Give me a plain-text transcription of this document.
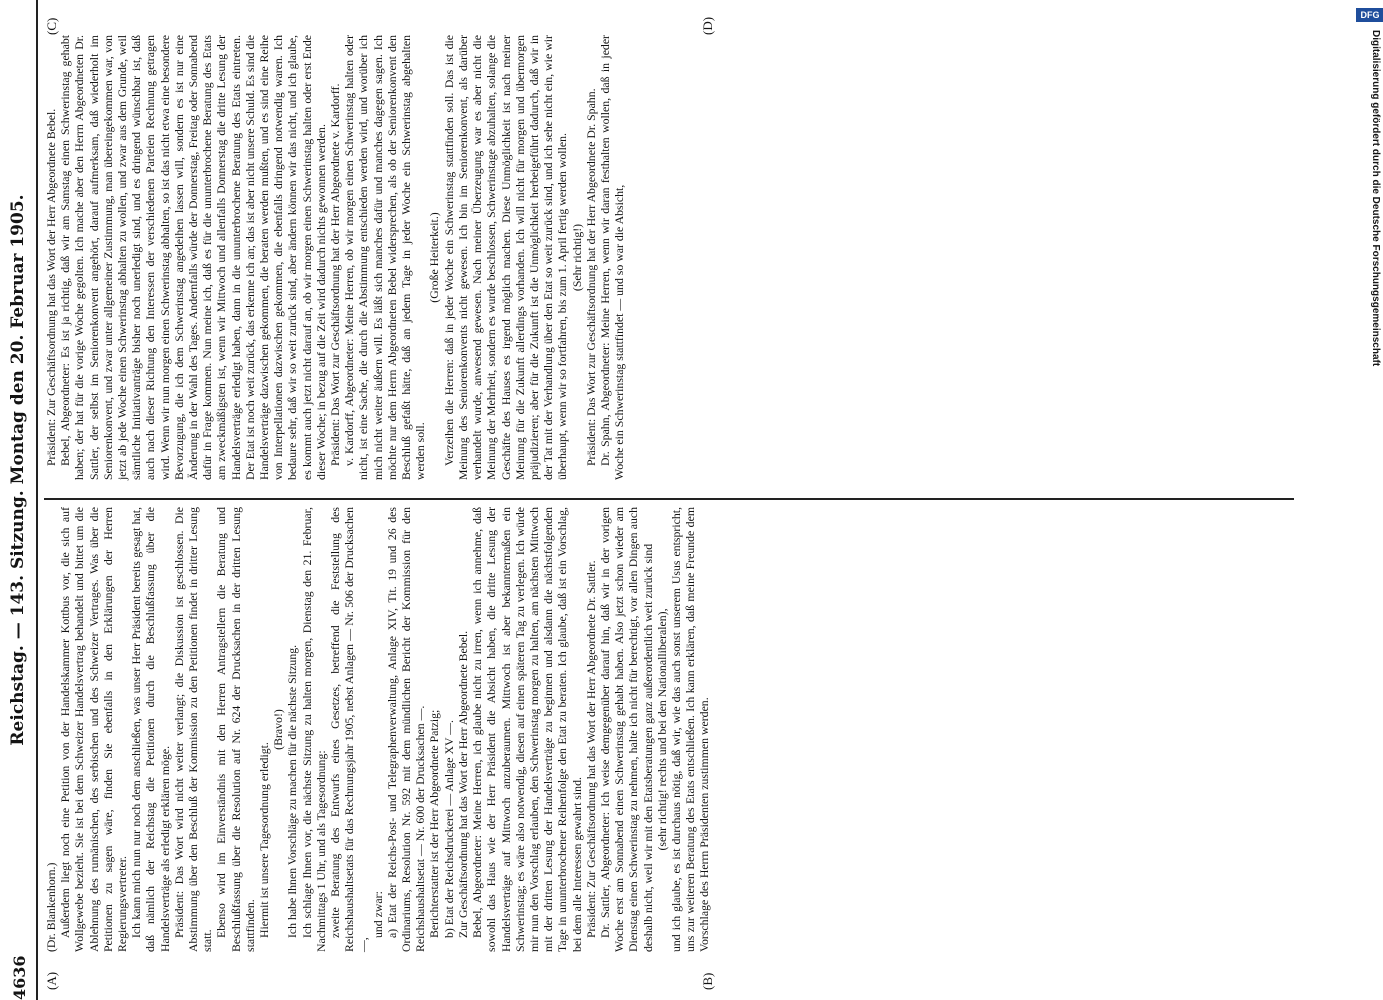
4636
Reichstag. — 143. Sitzung. Montag den 20. Februar 1905.
(A)	(B)
(C)	(D)

(Dr. Blankenhorn.) Außerdem liegt noch eine Petition von der Handelskammer Kottbus vor, die sich auf Wollgewebe bezieht. Sie ist bei dem Schweizer Handelsvertrag behandelt und bittet um die Ablehnung des rumänischen, des serbischen und des Schweizer Vertrages. Was über die Petitionen zu sagen wäre, finden Sie ebenfalls in den Erklärungen der Herren Regierungsvertreter. Ich kann mich nun nur noch dem anschließen, was unser Herr Präsident bereits gesagt hat, daß nämlich der Reichstag die Petitionen durch die Beschlußfassung über die Handelsverträge als erledigt erklären möge. Präsident: Das Wort wird nicht weiter verlangt; die Diskussion ist geschlossen. Die Abstimmung über den Beschluß der Kommission zu den Petitionen findet in dritter Lesung statt.

Ebenso wird im Einverständnis mit den Herren Antragstellern die Beratung und Beschlußfassung über die Resolution auf Nr. 624 der Drucksachen in der dritten Lesung stattfinden. Hiermit ist unsere Tagesordnung erledigt.

(Bravo!) Ich habe Ihnen Vorschläge zu machen für die nächste Sitzung. Ich schlage Ihnen vor, die nächste Sitzung zu halten morgen, Dienstag den 21. Februar, Nachmittags 1 Uhr, und als Tagesordnung: zweite Beratung des Entwurfs eines Gesetzes, betreffend die Feststellung des Reichshaushaltsetats für das Rechnungsjahr 1905, nebst Anlagen — Nr. 506 der Drucksachen —,

und zwar: a) Etat der Reichs-Post- und Telegraphenverwaltung, Anlage XIV, Tit. 19 und 26 des Ordinariums, Resolution Nr. 592 mit dem mündlichen Bericht der Kommission für den Reichshaushaltsetat — Nr. 600 der Drucksachen —. Berichterstatter ist der Herr Abgeordnete Patzig; b) Etat der Reichsdruckerei — Anlage XV —. Zur Geschäftsordnung hat das Wort der Herr Abgeordnete Bebel. Bebel, Abgeordneter: Meine Herren, ich glaube nicht zu irren, wenn ich annehme, daß sowohl das Haus wie der Herr Präsident die Absicht haben, die dritte Lesung der Handelsverträge auf Mittwoch anzuberaumen. Mittwoch ist aber bekanntermaßen ein Schwerinstag; es wäre also notwendig, diesen auf einen späteren Tag zu verlegen. Ich würde mir nun den Vorschlag erlauben, den Schwerinstag morgen zu halten, am nächsten Mittwoch mit der dritten Lesung der Handelsverträge zu beginnen und alsdann die nächstfolgenden Tage in ununterbrochener Reihenfolge den Etat zu beraten. Ich glaube, daß ist ein Vorschlag, bei dem alle Interessen gewahrt sind. Präsident: Zur Geschäftsordnung hat das Wort der Herr Abgeordnete Dr. Sattler. Dr. Sattler, Abgeordneter: Ich weise demgegenüber darauf hin, daß wir in der vorigen Woche erst am Sonnabend einen Schwerinstag gehabt haben. Also jetzt schon wieder am Dienstag einen Schwerinstag zu nehmen, halte ich nicht für berechtigt, vor allen Dingen auch deshalb nicht, weil wir mit den Etatsberatungen ganz außerordentlich weit zurück sind (sehr richtig! rechts und bei den Nationalliberalen), und ich glaube, es ist durchaus nötig, daß wir, wie das auch sonst unserem Usus entspricht, uns zur weiteren Beratung des Etats entschließen. Ich kann erklären, daß meine Freunde dem Vorschlage des Herrn Präsidenten zustimmen werden.

Präsident: Zur Geschäftsordnung hat das Wort der Herr Abgeordnete Bebel. Bebel, Abgeordneter: Es ist ja richtig, daß wir am Samstag einen Schwerinstag gehabt haben; der hat für die vorige Woche gegolten. Ich mache aber den Herrn Abgeordneten Dr. Sattler, der selbst im Seniorenkonvent angehört, darauf aufmerksam, daß wiederholt im Seniorenkonvent, und zwar unter allgemeiner Zustimmung, man übereingekommen war, von jetzt ab jede Woche einen Schwerinstag abhalten zu wollen, und zwar aus dem Grunde, weil sämtliche Initiativanträge bisher noch unerledigt sind, und es dringend wünschbar ist, daß auch nach dieser Richtung den Interessen der verschiedenen Parteien Rechnung getragen wird. Wenn wir nun morgen einen Schwerinstag abhalten, so ist das nicht etwa eine besondere Bevorzugung, die ich dem Schwerinstag angedeihen lassen will, sondern es ist nur eine Änderung in der Wahl des Tages. Andernfalls würde der Donnerstag, Freitag oder Sonnabend dafür in Frage kommen. Nun meine ich, daß es für die ununterbrochene Beratung des Etats am zweckmäßigsten ist, wenn wir Mittwoch und allenfalls Donnerstag die dritte Lesung der Handelsverträge erledigt haben, dann in die ununterbrochene Beratung des Etats eintreten. Der Etat ist noch weit zurück, das erkenne ich an; das ist aber nicht unsere Schuld. Es sind die Handelsverträge dazwischen gekommen, die beraten werden mußten, und es sind eine Reihe von Interpellationen dazwischen gekommen, die ebenfalls dringend notwendig waren. Ich bedaure sehr, daß wir so weit zurück sind, aber ändern können wir das nicht, und ich glaube, es kommt auch jetzt nicht darauf an, ob wir morgen einen Schwerinstag halten oder erst Ende dieser Woche; in bezug auf die Zeit wird dadurch nichts gewonnen werden. Präsident: Das Wort zur Geschäftsordnung hat der Herr Abgeordnete v. Kardorff. v. Kardorff, Abgeordneter: Meine Herren, ob wir morgen einen Schwerinstag halten oder nicht, ist eine Sache, die durch die Abstimmung entschieden werden wird, und worüber ich mich nicht weiter äußern will. Es läßt sich manches dafür und manches dagegen sagen. Ich möchte nur dem Herrn Abgeordneten Bebel widersprechen, als ob der Seniorenkonvent den Beschluß gefaßt hätte, daß an jedem Tage in jeder Woche ein Schwerinstag abgehalten werden soll.

(Große Heiterkeit.) Verzeihen die Herren: daß in jeder Woche ein Schwerinstag stattfinden soll. Das ist die Meinung des Seniorenkonvents nicht gewesen. Ich bin im Seniorenkonvent, als darüber verhandelt wurde, anwesend gewesen. Nach meiner Überzeugung war es aber nicht die Meinung der Mehrheit, sondern es wurde beschlossen, Schwerinstage abzuhalten, solange die Geschäfte des Hauses es irgend möglich machen. Diese Unmöglichkeit ist nach meiner Meinung für die Zukunft allerdings vorhanden. Ich will nicht für morgen und übermorgen präjudizieren; aber für die Zukunft ist die Unmöglichkeit herbeigeführt dadurch, daß wir in der Tat mit der Verhandlung über den Etat so weit zurück sind, und ich sehe nicht ein, wie wir überhaupt, wenn wir so fortfahren, bis zum 1. April fertig werden wollen. (Sehr richtig!) Präsident: Das Wort zur Geschäftsordnung hat der Herr Abgeordnete Dr. Spahn. Dr. Spahn, Abgeordneter: Meine Herren, wenn wir daran festhalten wollen, daß in jeder Woche ein Schwerinstag stattfindet — und so war die Absicht,

DFG
Digitalisierung gefördert durch die Deutsche Forschungsgemeinschaft
